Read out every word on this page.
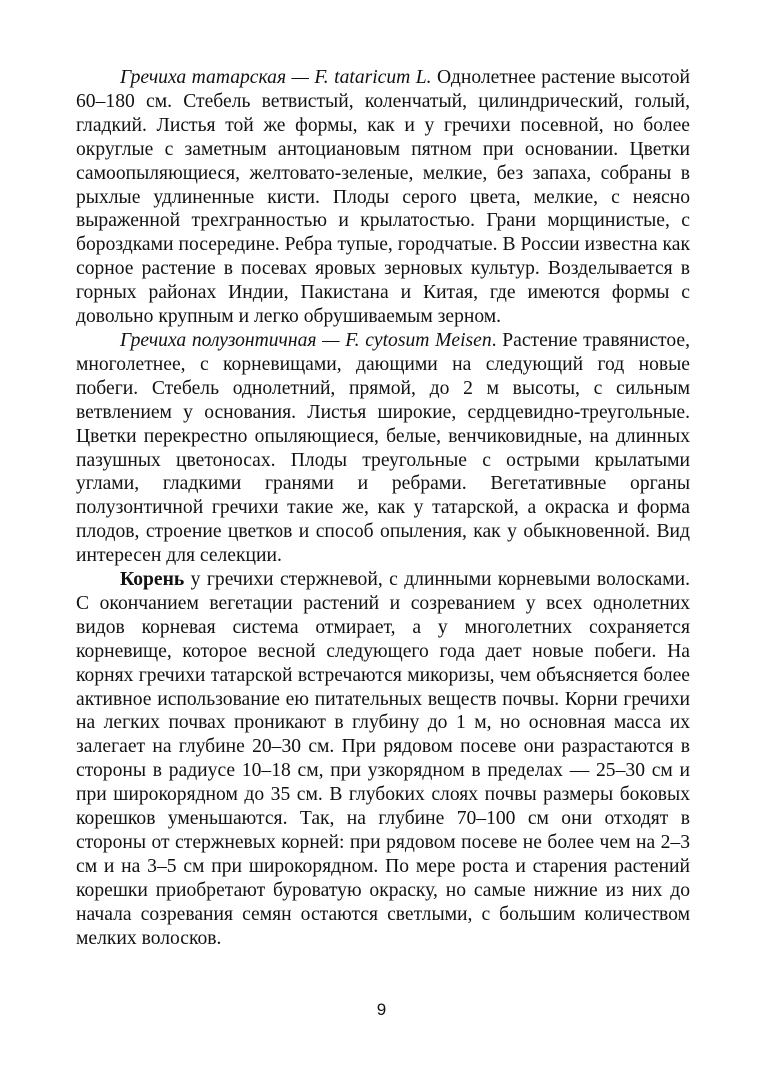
Гречиха татарская — F. tataricum L. Однолетнее растение высотой 60–180 см. Стебель ветвистый, коленчатый, цилиндрический, голый, гладкий. Листья той же формы, как и у гречихи посевной, но более округлые с заметным антоциановым пятном при основании. Цветки самоопыляющиеся, желтовато-зеленые, мелкие, без запаха, собраны в рыхлые удлиненные кисти. Плоды серого цвета, мелкие, с неясно выраженной трехгранностью и крылатостью. Грани морщинистые, с бороздками посередине. Ребра тупые, городчатые. В России известна как сорное растение в посевах яровых зерновых культур. Возделывается в горных районах Индии, Пакистана и Китая, где имеются формы с довольно крупным и легко обрушиваемым зерном.

Гречиха полузонтичная — F. cytosum Meisen. Растение травянистое, многолетнее, с корневищами, дающими на следующий год новые побеги. Стебель однолетний, прямой, до 2 м высоты, с сильным ветвлением у основания. Листья широкие, сердцевидно-треугольные. Цветки перекрестно опыляющиеся, белые, венчиковидные, на длинных пазушных цветоносах. Плоды треугольные с острыми крылатыми углами, гладкими гранями и ребрами. Вегетативные органы полузонтичной гречихи такие же, как у татарской, а окраска и форма плодов, строение цветков и способ опыления, как у обыкновенной. Вид интересен для селекции.

Корень у гречихи стержневой, с длинными корневыми волосками. С окончанием вегетации растений и созреванием у всех однолетних видов корневая система отмирает, а у многолетних сохраняется корневище, которое весной следующего года дает новые побеги. На корнях гречихи татарской встречаются микоризы, чем объясняется более активное использование ею питательных веществ почвы. Корни гречихи на легких почвах проникают в глубину до 1 м, но основная масса их залегает на глубине 20–30 см. При рядовом посеве они разрастаются в стороны в радиусе 10–18 см, при узкорядном в пределах — 25–30 см и при широкорядном до 35 см. В глубоких слоях почвы размеры боковых корешков уменьшаются. Так, на глубине 70–100 см они отходят в стороны от стержневых корней: при рядовом посеве не более чем на 2–3 см и на 3–5 см при широкорядном. По мере роста и старения растений корешки приобретают буроватую окраску, но самые нижние из них до начала созревания семян остаются светлыми, с большим количеством мелких волосков.

9
